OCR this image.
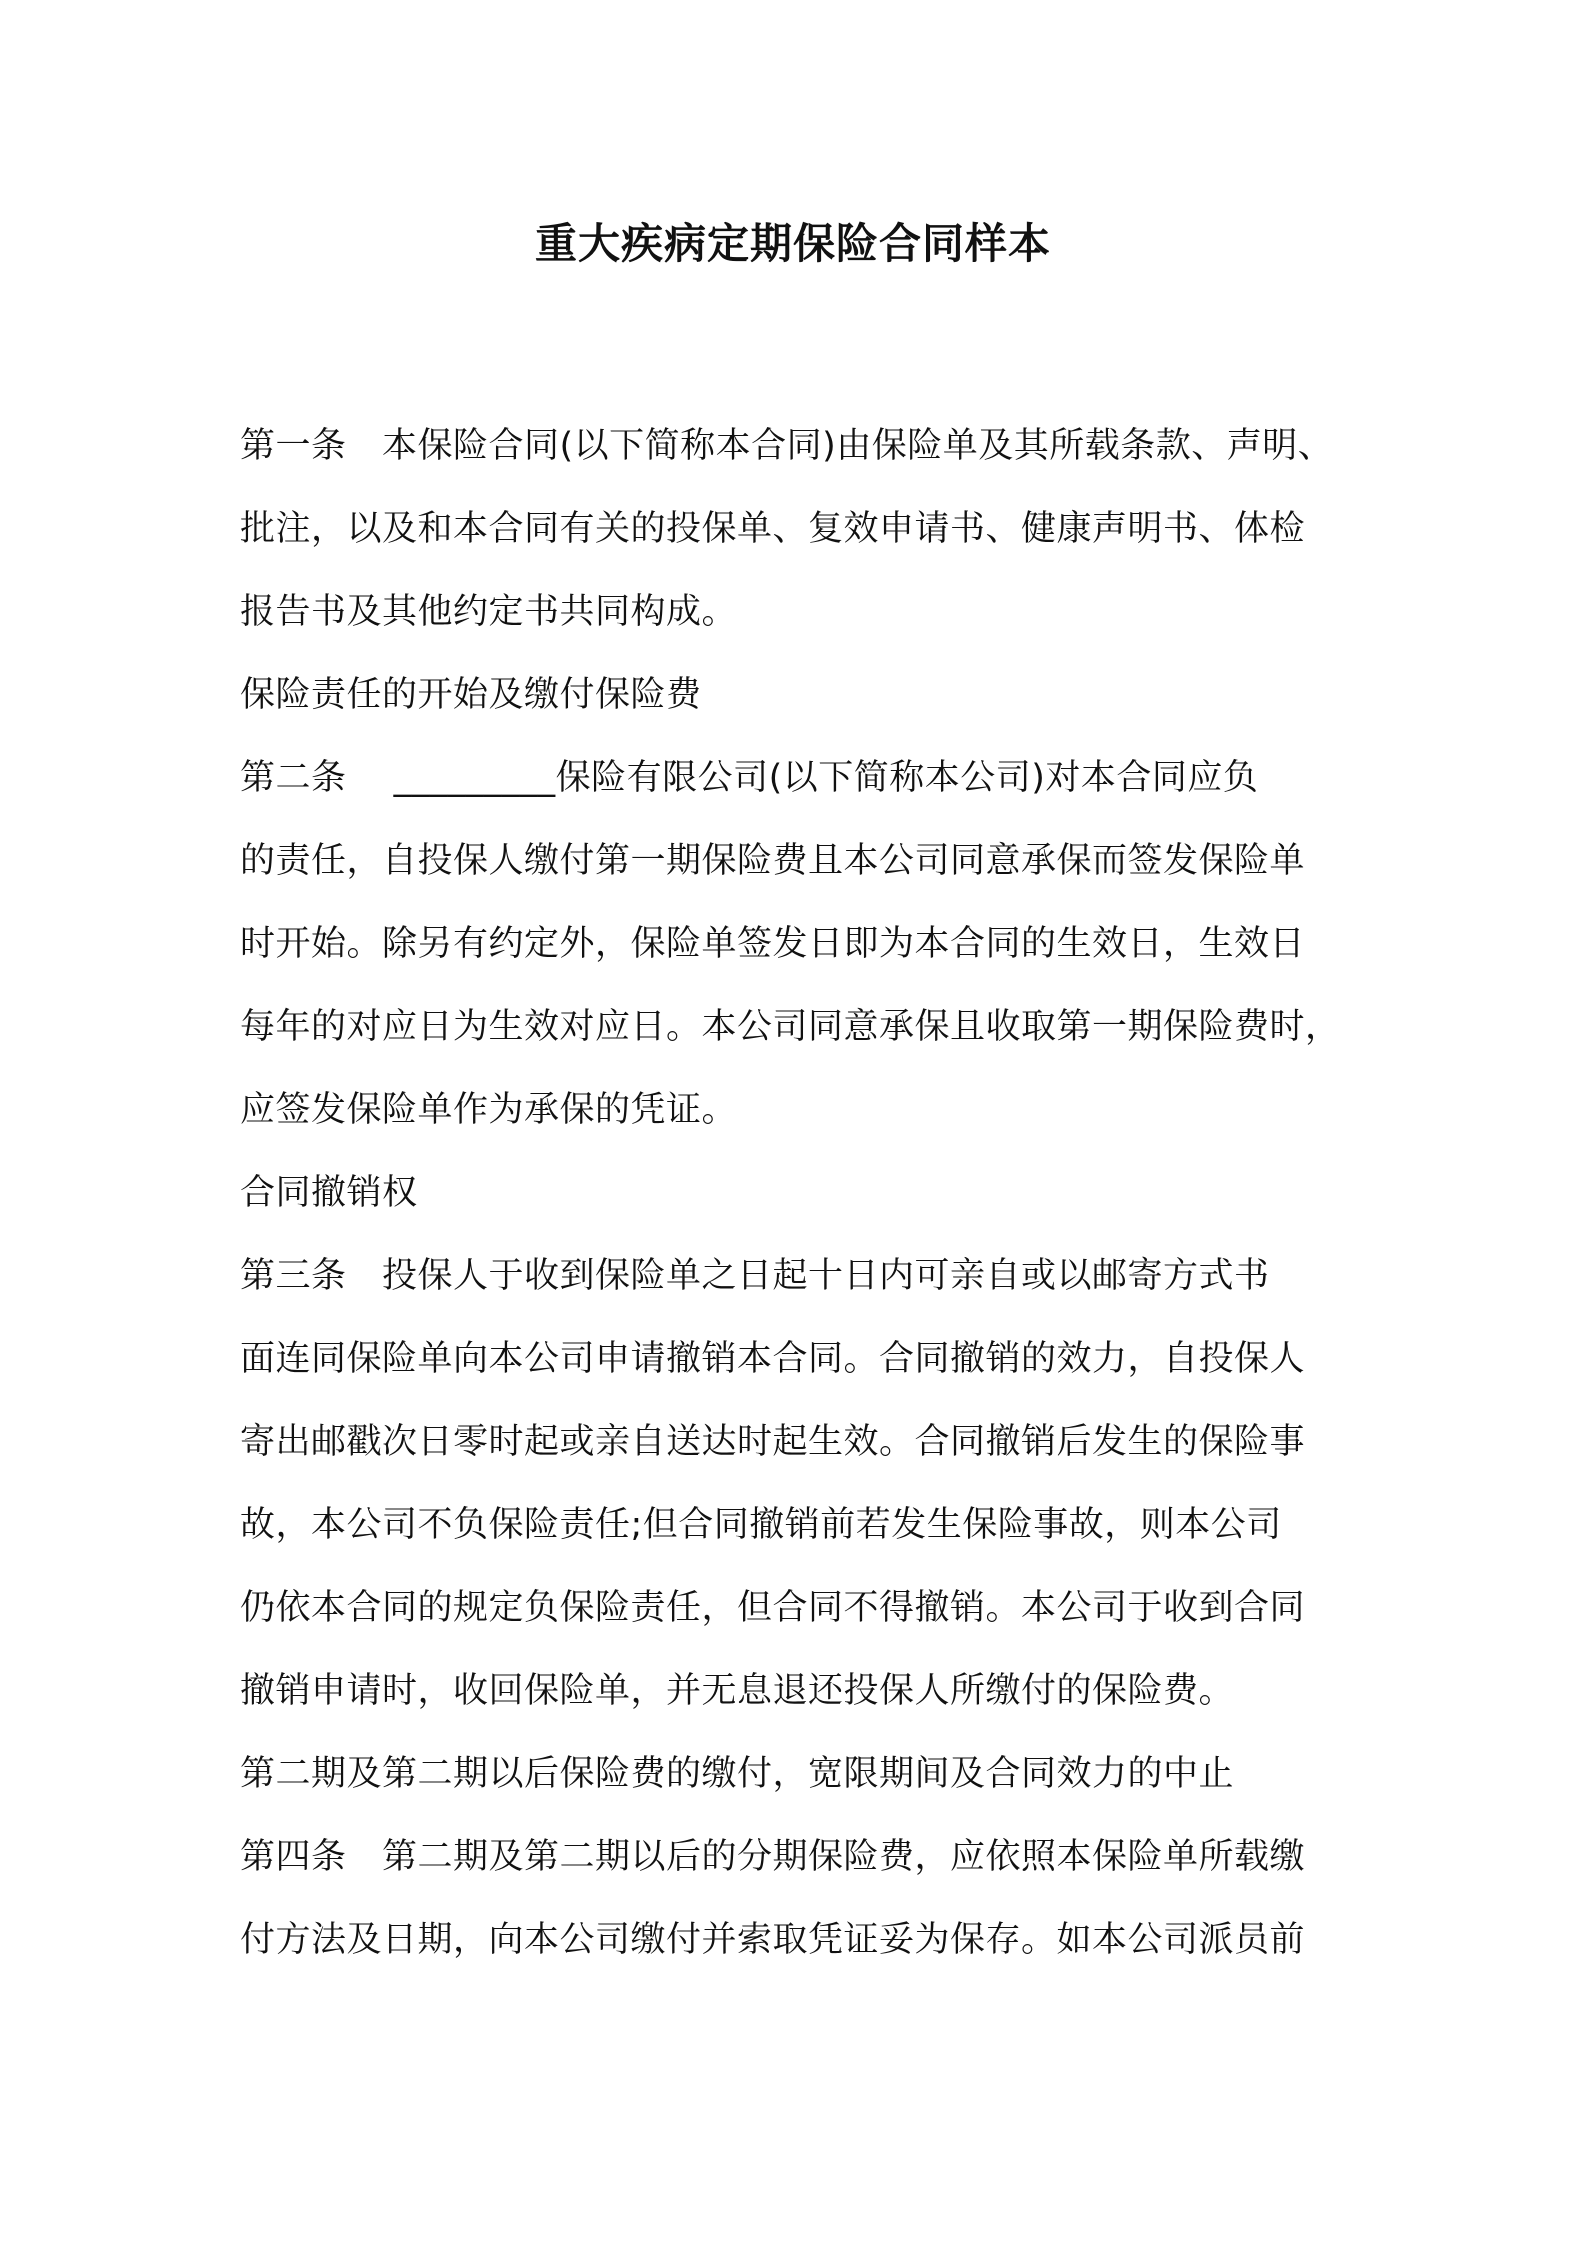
重大疾病定期保险合同样本
第一条　本保险合同(以下简称本合同)由保险单及其所载条款、声明、
批注，以及和本合同有关的投保单、复效申请书、健康声明书、体检
报告书及其他约定书共同构成。
保险责任的开始及缴付保险费
第二条　 _________保险有限公司(以下简称本公司)对本合同应负
的责任，自投保人缴付第一期保险费且本公司同意承保而签发保险单
时开始。除另有约定外，保险单签发日即为本合同的生效日，生效日
每年的对应日为生效对应日。本公司同意承保且收取第一期保险费时，
应签发保险单作为承保的凭证。
合同撤销权
第三条　投保人于收到保险单之日起十日内可亲自或以邮寄方式书
面连同保险单向本公司申请撤销本合同。合同撤销的效力，自投保人
寄出邮戳次日零时起或亲自送达时起生效。合同撤销后发生的保险事
故，本公司不负保险责任;但合同撤销前若发生保险事故，则本公司
仍依本合同的规定负保险责任，但合同不得撤销。本公司于收到合同
撤销申请时，收回保险单，并无息退还投保人所缴付的保险费。
第二期及第二期以后保险费的缴付，宽限期间及合同效力的中止
第四条　第二期及第二期以后的分期保险费，应依照本保险单所载缴
付方法及日期，向本公司缴付并索取凭证妥为保存。如本公司派员前
